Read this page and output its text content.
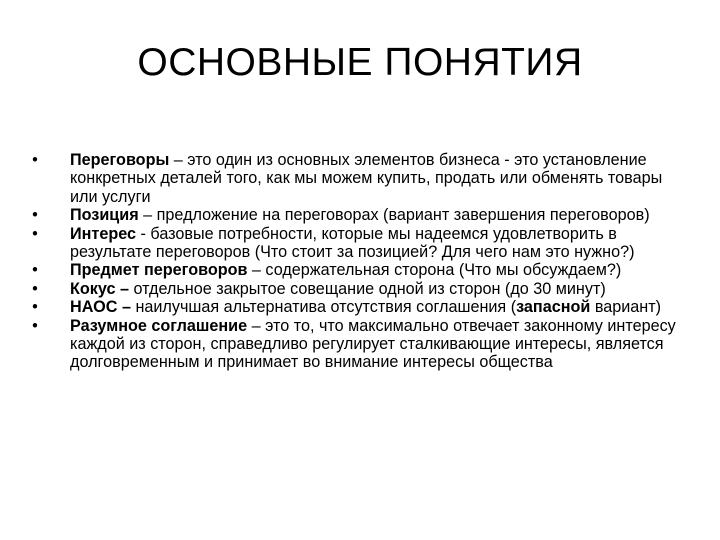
ОСНОВНЫЕ ПОНЯТИЯ
• Переговоры – это один из основных элементов бизнеса - это установление конкретных деталей того, как мы можем купить, продать или обменять товары или услуги
• Позиция – предложение на переговорах (вариант завершения переговоров)
• Интерес - базовые потребности, которые мы надеемся удовлетворить в результате переговоров (Что стоит за позицией? Для чего нам это нужно?)
• Предмет переговоров – содержательная сторона (Что мы обсуждаем?)
• Кокус – отдельное закрытое совещание одной из сторон (до 30 минут)
• НАОС – наилучшая альтернатива отсутствия соглашения (запасной вариант)
• Разумное соглашение – это то, что максимально отвечает законному интересу каждой из сторон, справедливо регулирует сталкивающие интересы, является долговременным и принимает во внимание интересы общества
